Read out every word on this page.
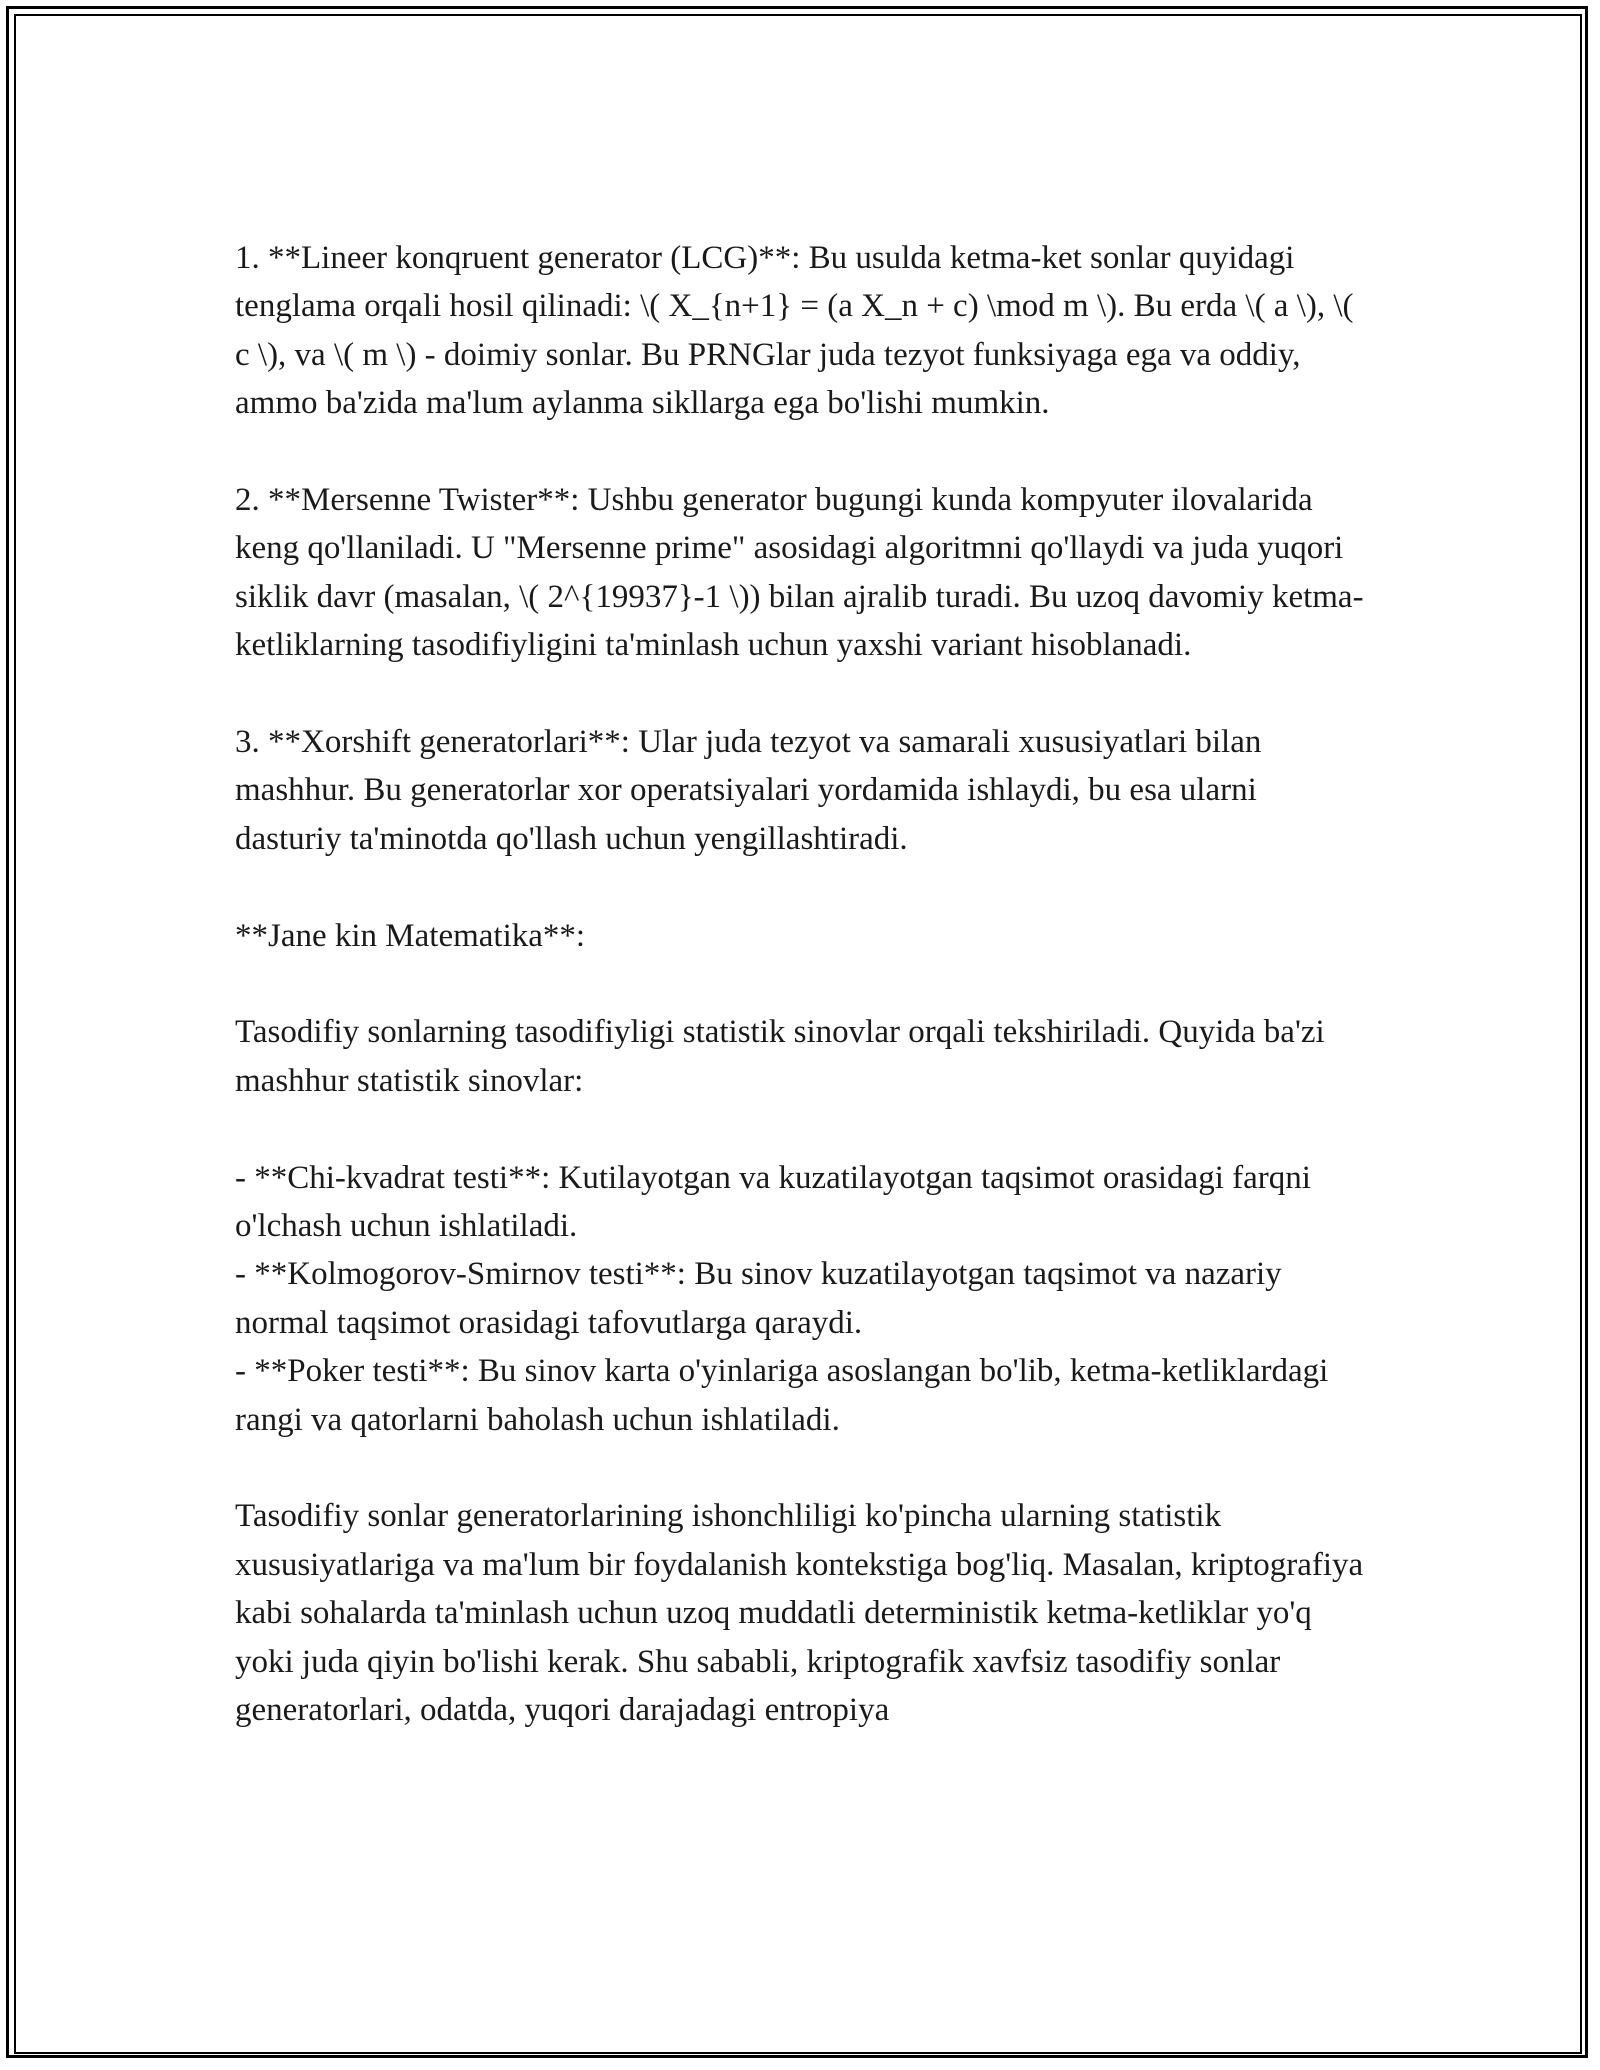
1. **Lineer konqruent generator (LCG)**: Bu usulda ketma-ket sonlar quyidagi tenglama orqali hosil qilinadi: \( X_{n+1} = (a X_n + c) \mod m \). Bu erda \( a \), \( c \), va \( m \) - doimiy sonlar. Bu PRNGlar juda tezyot funksiyaga ega va oddiy, ammo ba'zida ma'lum aylanma sikllarga ega bo'lishi mumkin.

2. **Mersenne Twister**: Ushbu generator bugungi kunda kompyuter ilovalarida keng qo'llaniladi. U "Mersenne prime" asosidagi algoritmni qo'llaydi va juda yuqori siklik davr (masalan, \( 2^{19937}-1 \)) bilan ajralib turadi. Bu uzoq davomiy ketma-ketliklarning tasodifiyligini ta'minlash uchun yaxshi variant hisoblanadi.

3. **Xorshift generatorlari**: Ular juda tezyot va samarali xususiyatlari bilan mashhur. Bu generatorlar xor operatsiyalari yordamida ishlaydi, bu esa ularni dasturiy ta'minotda qo'llash uchun yengillashtiradi.

**Jane kin Matematika**:

Tasodifiy sonlarning tasodifiyligi statistik sinovlar orqali tekshiriladi. Quyida ba'zi mashhur statistik sinovlar:

- **Chi-kvadrat testi**: Kutilayotgan va kuzatilayotgan taqsimot orasidagi farqni o'lchash uchun ishlatiladi.

- **Kolmogorov-Smirnov testi**: Bu sinov kuzatilayotgan taqsimot va nazariy normal taqsimot orasidagi tafovutlarga qaraydi.

- **Poker testi**: Bu sinov karta o'yinlariga asoslangan bo'lib, ketma-ketliklardagi rangi va qatorlarni baholash uchun ishlatiladi.

Tasodifiy sonlar generatorlarining ishonchliligi ko'pincha ularning statistik xususiyatlariga va ma'lum bir foydalanish kontekstiga bog'liq. Masalan, kriptografiya kabi sohalarda ta'minlash uchun uzoq muddatli deterministik ketma-ketliklar yo'q yoki juda qiyin bo'lishi kerak. Shu sababli, kriptografik xavfsiz tasodifiy sonlar generatorlari, odatda, yuqori darajadagi entropiya
